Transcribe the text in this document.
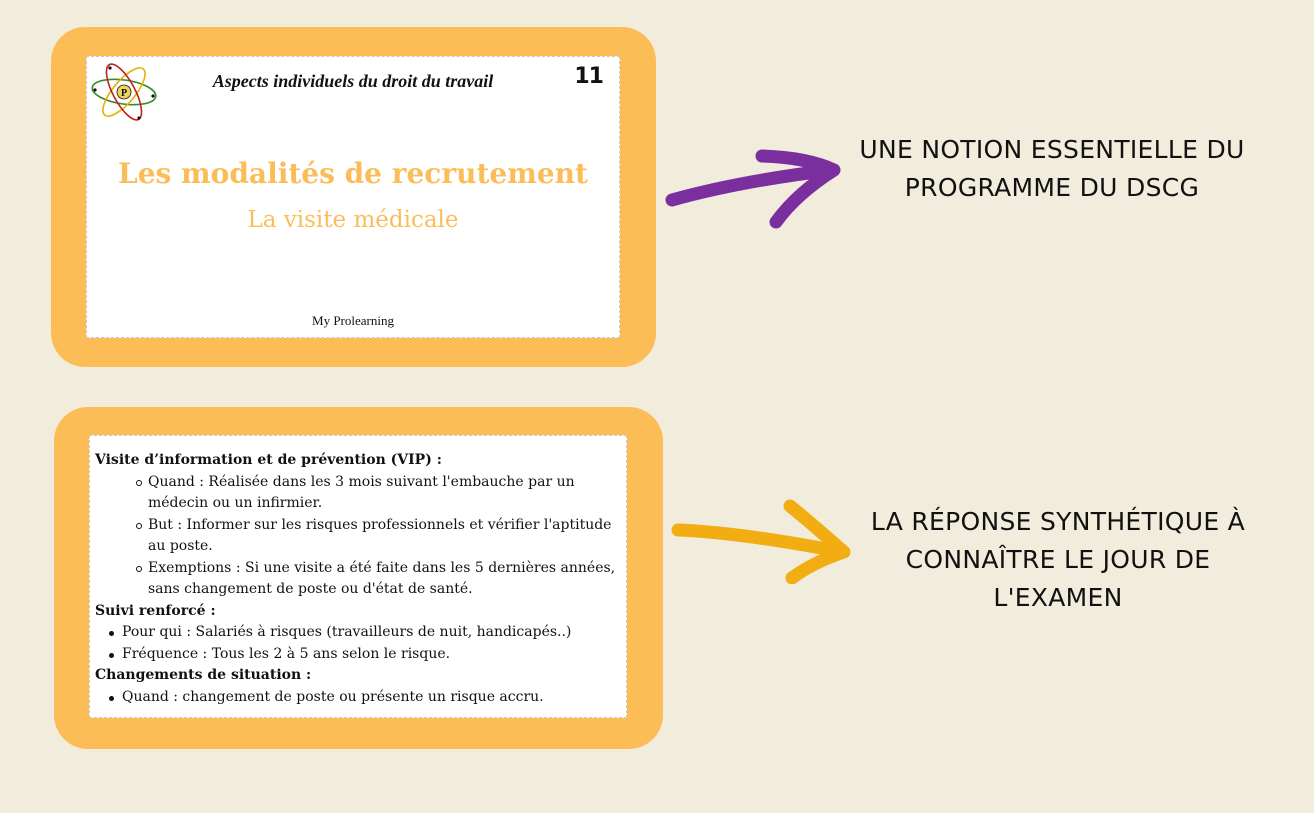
P
Aspects individuels du droit du travail	11
Les modalités de recrutement
La visite médicale
My Prolearning
Visite d’information et de prévention (VIP) :
Quand : Réalisée dans les 3 mois suivant l'embauche par un médecin ou un infirmier.
But : Informer sur les risques professionnels et vérifier l'aptitude au poste.
Exemptions : Si une visite a été faite dans les 5 dernières années, sans changement de poste ou d'état de santé.
Suivi renforcé :
Pour qui : Salariés à risques (travailleurs de nuit, handicapés..)
Fréquence : Tous les 2 à 5 ans selon le risque.
Changements de situation :
Quand : changement de poste ou présente un risque accru.
UNE NOTION ESSENTIELLE DU PROGRAMME DU DSCG
LA RÉPONSE SYNTHÉTIQUE À CONNAÎTRE LE JOUR DE L'EXAMEN
